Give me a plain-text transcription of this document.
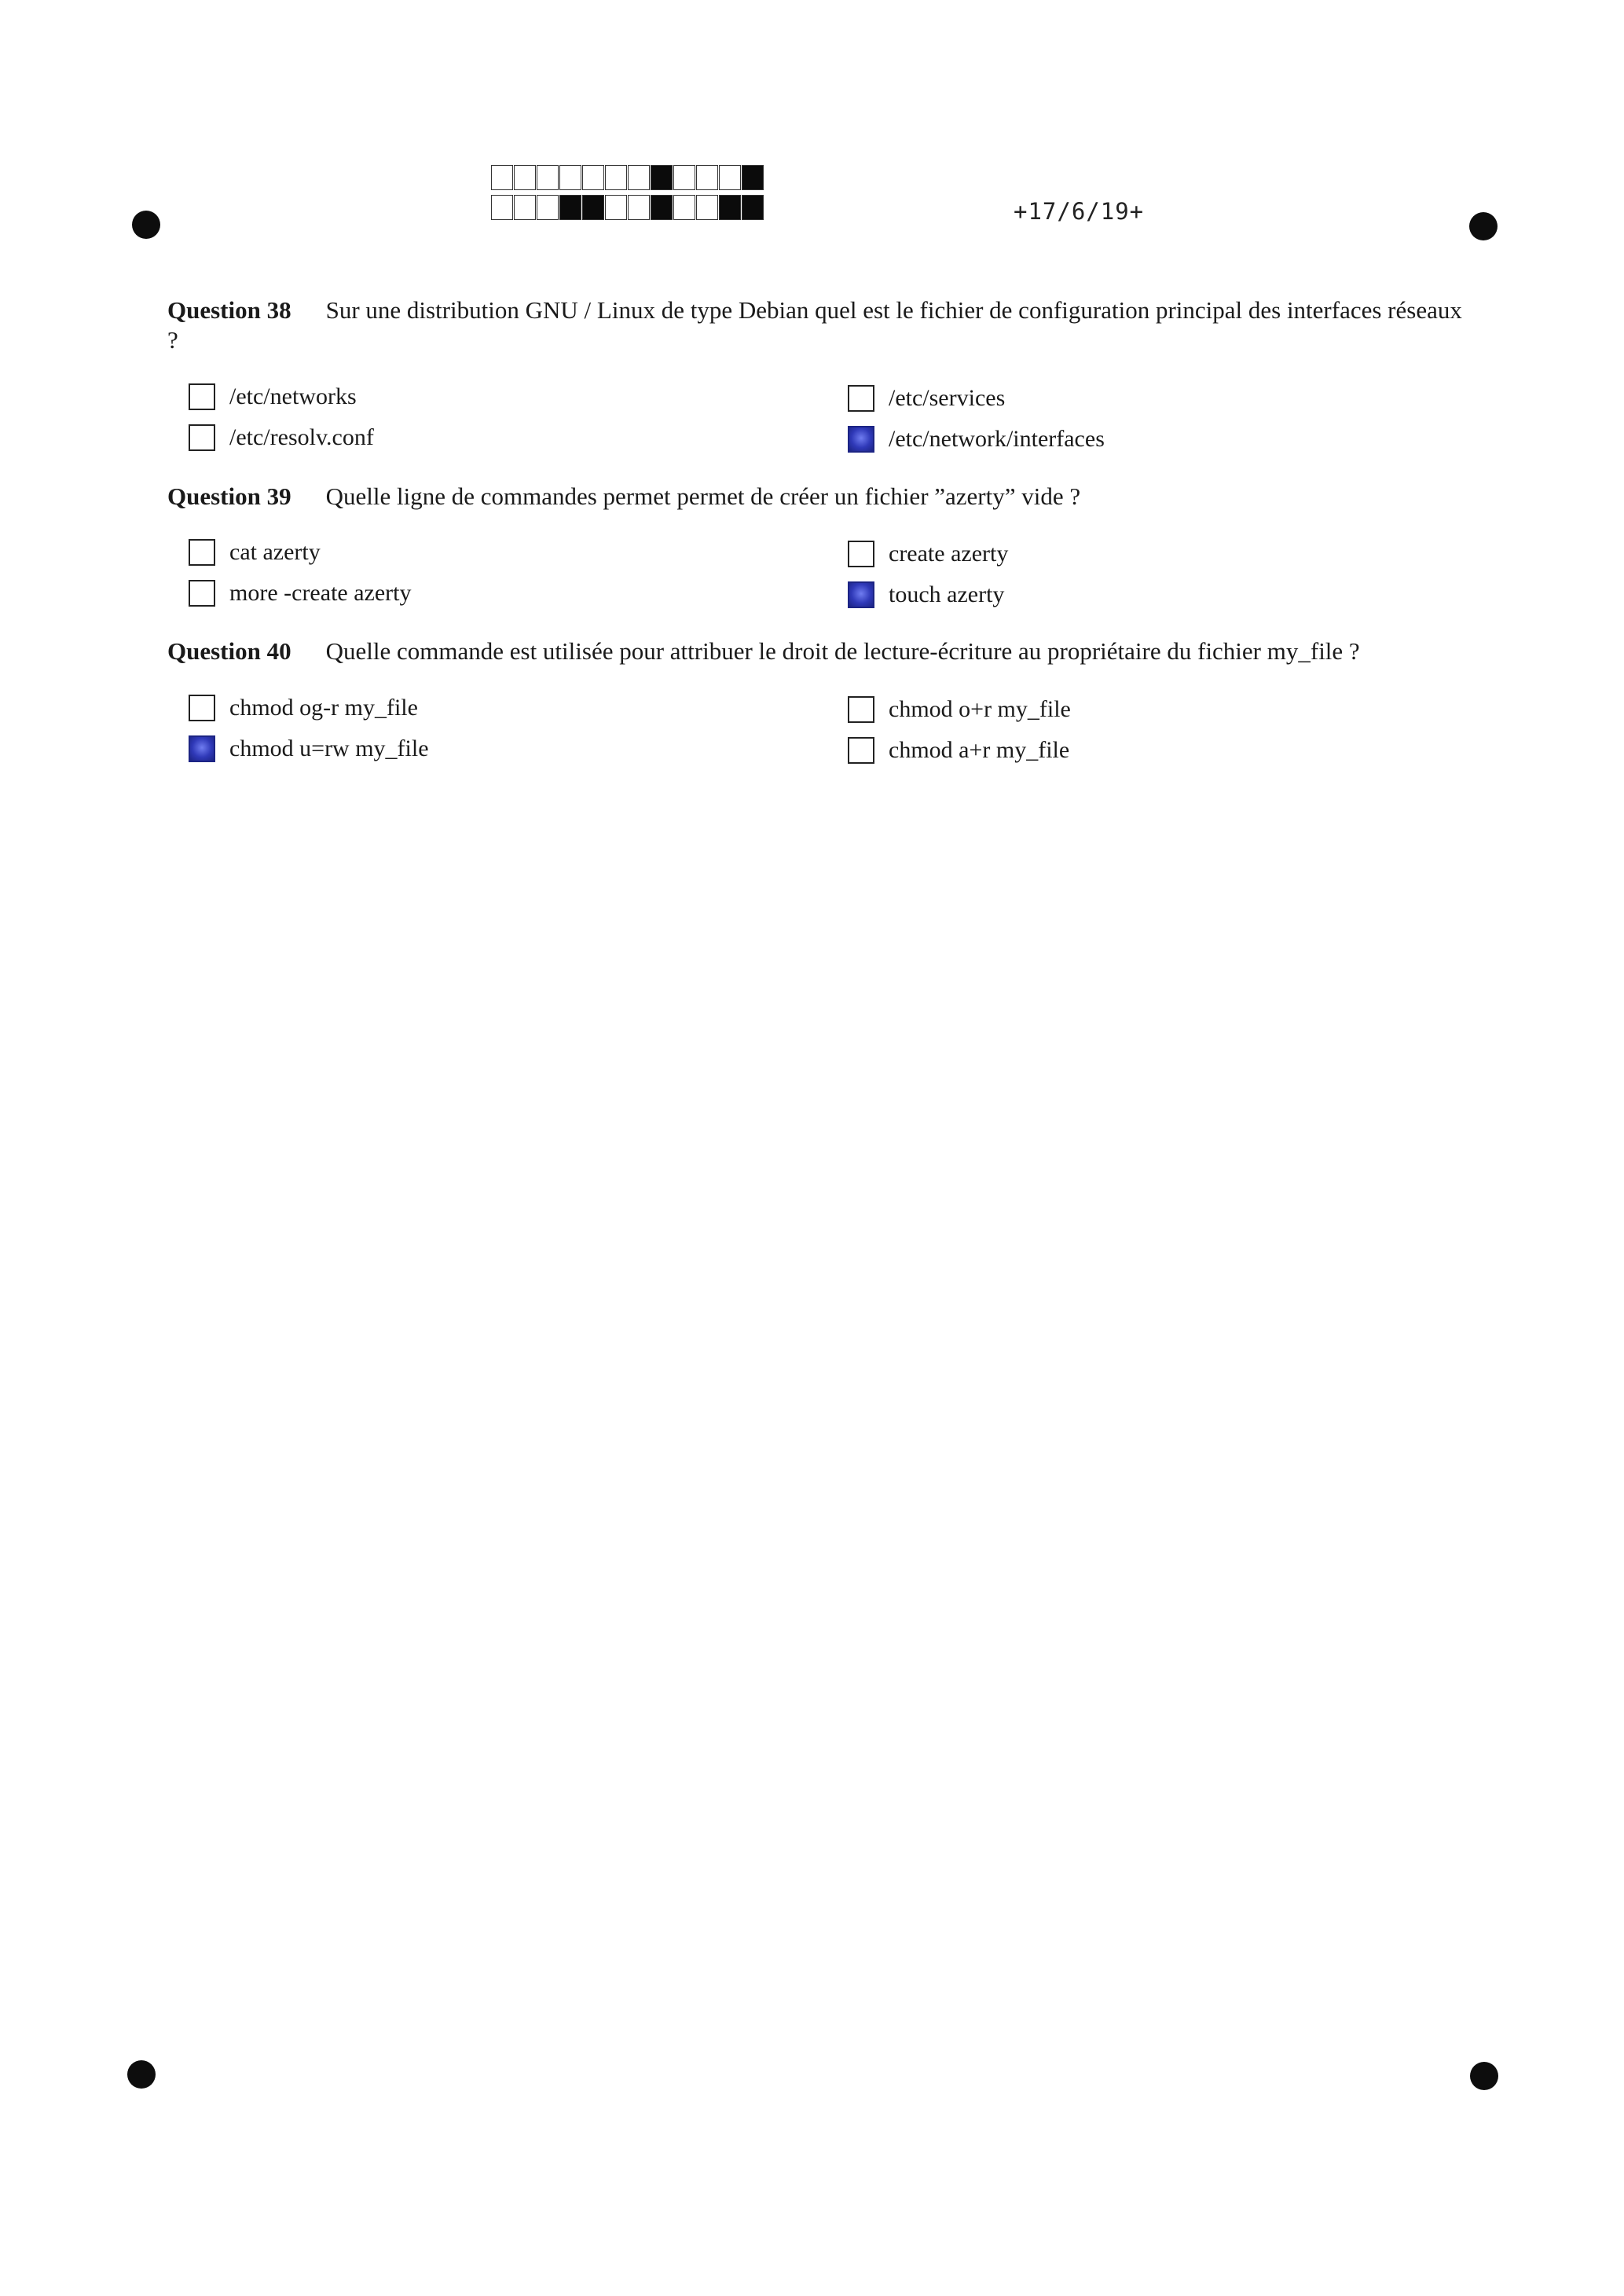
+17/6/19+
Question 38 Sur une distribution GNU / Linux de type Debian quel est le fichier de configuration principal des interfaces réseaux ?
/etc/networks	/etc/services
/etc/resolv.conf	/etc/network/interfaces
Question 39 Quelle ligne de commandes permet permet de créer un fichier ”azerty” vide ?
cat azerty	create azerty
more -create azerty	touch azerty
Question 40 Quelle commande est utilisée pour attribuer le droit de lecture-écriture au propriétaire du fichier my_file ?
chmod og-r my_file	chmod o+r my_file
chmod u=rw my_file	chmod a+r my_file
